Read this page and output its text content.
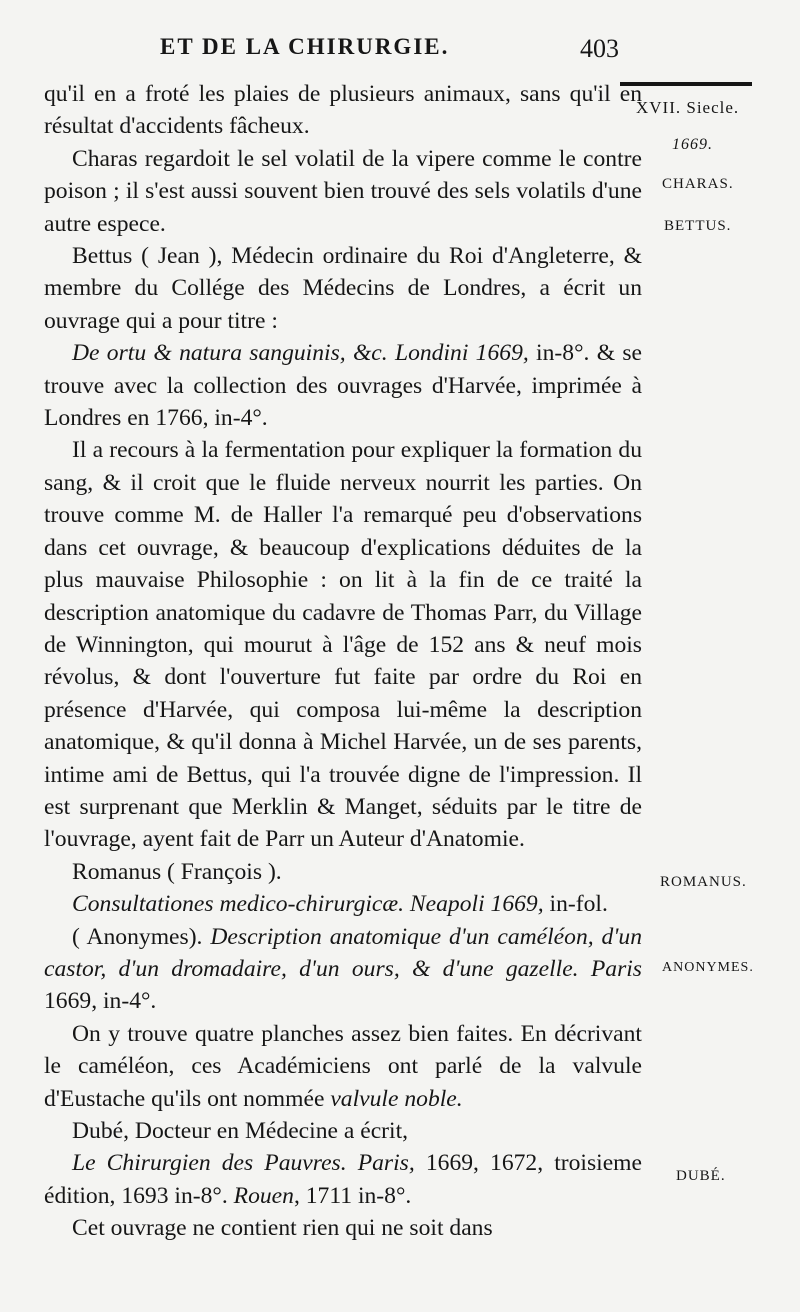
ET DE LA CHIRURGIE.	403
XVII. Siecle.
1669.
CHARAS.
BETTUS.
ROMANUS.
ANONYMES.
DUBÉ.

qu'il en a froté les plaies de plusieurs animaux, sans qu'il en résultat d'accidents fâcheux.

Charas regardoit le sel volatil de la vipere comme le contre poison ; il s'est aussi souvent bien trouvé des sels volatils d'une autre espece.

Bettus ( Jean ), Médecin ordinaire du Roi d'Angleterre, & membre du Collége des Médecins de Londres, a écrit un ouvrage qui a pour titre :

De ortu & natura sanguinis, &c. Londini 1669, in-8°. & se trouve avec la collection des ouvrages d'Harvée, imprimée à Londres en 1766, in-4°.

Il a recours à la fermentation pour expliquer la formation du sang, & il croit que le fluide nerveux nourrit les parties. On trouve comme M. de Haller l'a remarqué peu d'observations dans cet ouvrage, & beaucoup d'explications déduites de la plus mauvaise Philosophie : on lit à la fin de ce traité la description anatomique du cadavre de Thomas Parr, du Village de Winnington, qui mourut à l'âge de 152 ans & neuf mois révolus, & dont l'ouverture fut faite par ordre du Roi en présence d'Harvée, qui composa lui-même la description anatomique, & qu'il donna à Michel Harvée, un de ses parents, intime ami de Bettus, qui l'a trouvée digne de l'impression. Il est surprenant que Merklin & Manget, séduits par le titre de l'ouvrage, ayent fait de Parr un Auteur d'Anatomie.

Romanus ( François ).

Consultationes medico-chirurgicæ. Neapoli 1669, in-fol.

( Anonymes). Description anatomique d'un caméléon, d'un castor, d'un dromadaire, d'un ours, & d'une gazelle. Paris 1669, in-4°.

On y trouve quatre planches assez bien faites. En décrivant le caméléon, ces Académiciens ont parlé de la valvule d'Eustache qu'ils ont nommée valvule noble.

Dubé, Docteur en Médecine a écrit,

Le Chirurgien des Pauvres. Paris, 1669, 1672, troisieme édition, 1693 in-8°. Rouen, 1711 in-8°.

Cet ouvrage ne contient rien qui ne soit dans
